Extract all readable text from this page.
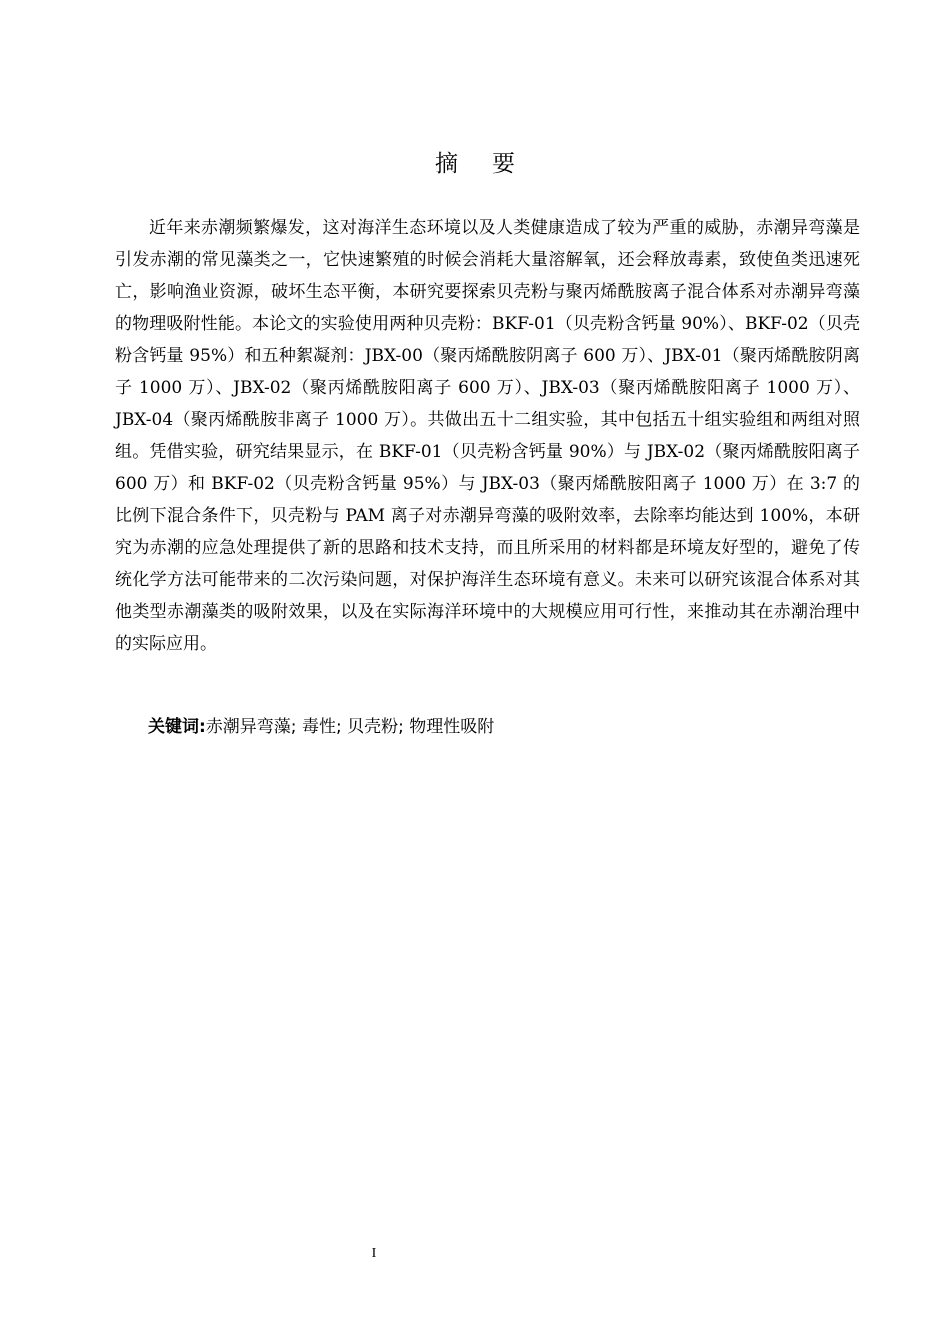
摘要

近年来赤潮频繁爆发，这对海洋生态环境以及人类健康造成了较为严重的威胁，赤潮异弯藻是引发赤潮的常见藻类之一，它快速繁殖的时候会消耗大量溶解氧，还会释放毒素，致使鱼类迅速死亡，影响渔业资源，破坏生态平衡，本研究要探索贝壳粉与聚丙烯酰胺离子混合体系对赤潮异弯藻的物理吸附性能。本论文的实验使用两种贝壳粉：BKF-01（贝壳粉含钙量 90%）、BKF-02（贝壳粉含钙量 95%）和五种絮凝剂：JBX-00（聚丙烯酰胺阴离子 600 万）、JBX-01（聚丙烯酰胺阴离子 1000 万）、JBX-02（聚丙烯酰胺阳离子 600 万）、JBX-03（聚丙烯酰胺阳离子 1000 万）、JBX-04（聚丙烯酰胺非离子 1000 万）。共做出五十二组实验，其中包括五十组实验组和两组对照组。凭借实验，研究结果显示，在 BKF-01（贝壳粉含钙量 90%）与 JBX-02（聚丙烯酰胺阳离子 600 万）和 BKF-02（贝壳粉含钙量 95%）与 JBX-03（聚丙烯酰胺阳离子 1000 万）在 3:7 的比例下混合条件下，贝壳粉与 PAM 离子对赤潮异弯藻的吸附效率，去除率均能达到 100%，本研究为赤潮的应急处理提供了新的思路和技术支持，而且所采用的材料都是环境友好型的，避免了传统化学方法可能带来的二次污染问题，对保护海洋生态环境有意义。未来可以研究该混合体系对其他类型赤潮藻类的吸附效果，以及在实际海洋环境中的大规模应用可行性，来推动其在赤潮治理中的实际应用。

关键词:赤潮异弯藻; 毒性; 贝壳粉; 物理性吸附
I
